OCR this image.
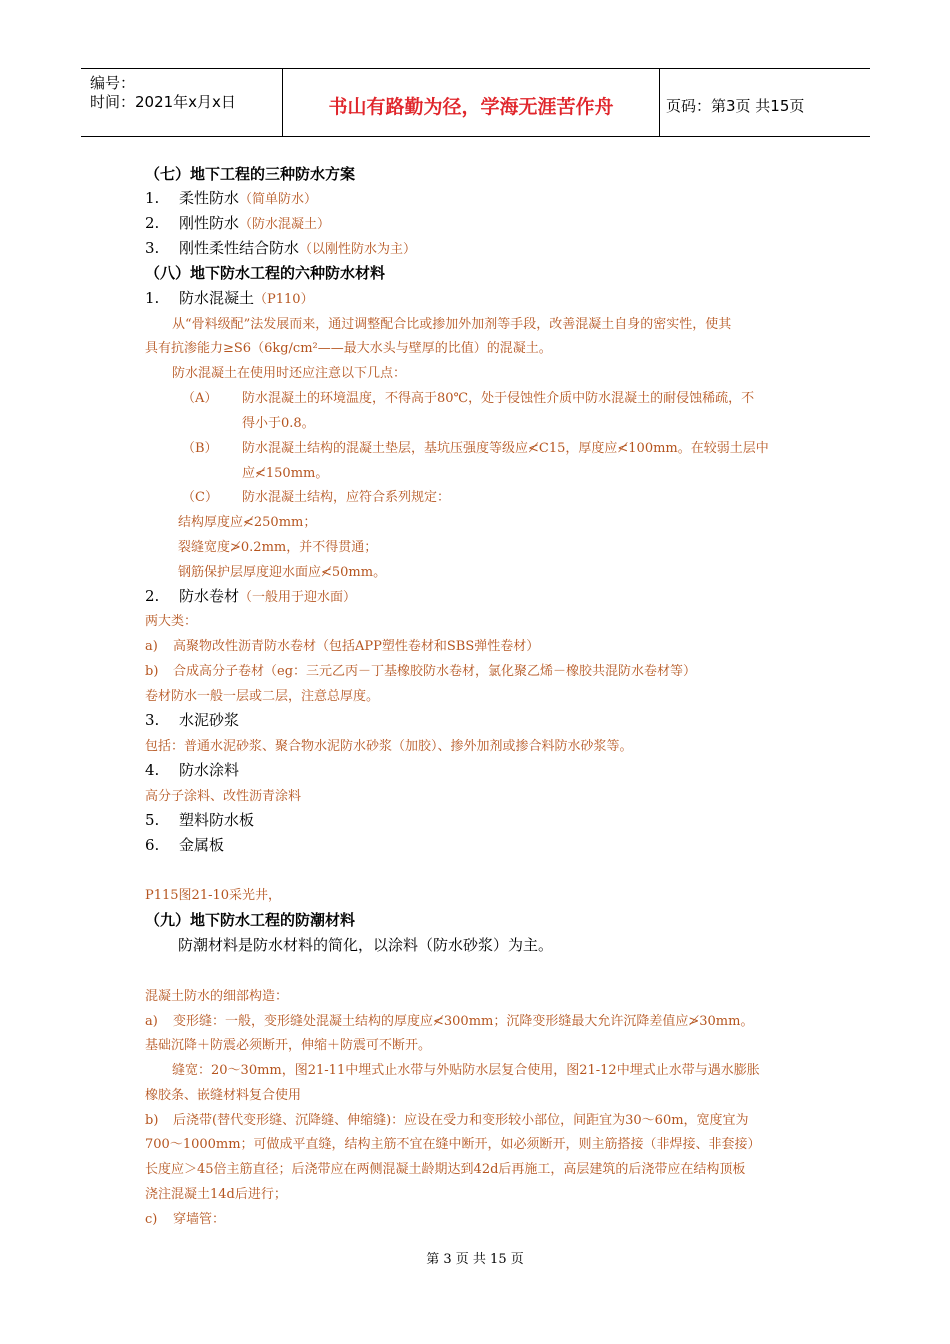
编号：
时间：2021年x月x日	书山有路勤为径，学海无涯苦作舟	页码：第3页 共15页
（七）地下工程的三种防水方案
1. 柔性防水（简单防水）
2. 刚性防水（防水混凝土）
3. 刚性柔性结合防水（以刚性防水为主）
（八）地下防水工程的六种防水材料
1. 防水混凝土（P110）
从“骨料级配”法发展而来，通过调整配合比或掺加外加剂等手段，改善混凝土自身的密实性，使其
具有抗渗能力≥S6（6kg/cm²——最大水头与壁厚的比值）的混凝土。
防水混凝土在使用时还应注意以下几点：
（A） 防水混凝土的环境温度，不得高于80℃，处于侵蚀性介质中防水混凝土的耐侵蚀稀疏，不
得小于0.8。
（B） 防水混凝土结构的混凝土垫层，基坑压强度等级应≮C15，厚度应≮100mm。在较弱土层中
应≮150mm。
（C） 防水混凝土结构，应符合系列规定：
结构厚度应≮250mm；
裂缝宽度≯0.2mm，并不得贯通；
钢筋保护层厚度迎水面应≮50mm。
2. 防水卷材（一般用于迎水面）
两大类：
a) 高聚物改性沥青防水卷材（包括APP塑性卷材和SBS弹性卷材）
b) 合成高分子卷材（eg：三元乙丙－丁基橡胶防水卷材，氯化聚乙烯－橡胶共混防水卷材等）
卷材防水一般一层或二层，注意总厚度。
3. 水泥砂浆
包括：普通水泥砂浆、聚合物水泥防水砂浆（加胶）、掺外加剂或掺合料防水砂浆等。
4. 防水涂料
高分子涂料、改性沥青涂料
5. 塑料防水板
6. 金属板
P115图21-10采光井，
（九）地下防水工程的防潮材料
防潮材料是防水材料的简化，以涂料（防水砂浆）为主。
混凝土防水的细部构造：
a) 变形缝：一般，变形缝处混凝土结构的厚度应≮300mm；沉降变形缝最大允许沉降差值应≯30mm。
基础沉降＋防震必须断开，伸缩＋防震可不断开。
缝宽：20～30mm，图21-11中埋式止水带与外贴防水层复合使用，图21-12中埋式止水带与遇水膨胀
橡胶条、嵌缝材料复合使用
b) 后浇带(替代变形缝、沉降缝、伸缩缝)：应设在受力和变形较小部位，间距宜为30～60m，宽度宜为
700～1000mm；可做成平直缝，结构主筋不宜在缝中断开，如必须断开，则主筋搭接（非焊接、非套接）
长度应＞45倍主筋直径；后浇带应在两侧混凝土龄期达到42d后再施工，高层建筑的后浇带应在结构顶板
浇注混凝土14d后进行；
c) 穿墙管：
第 3 页 共 15 页
